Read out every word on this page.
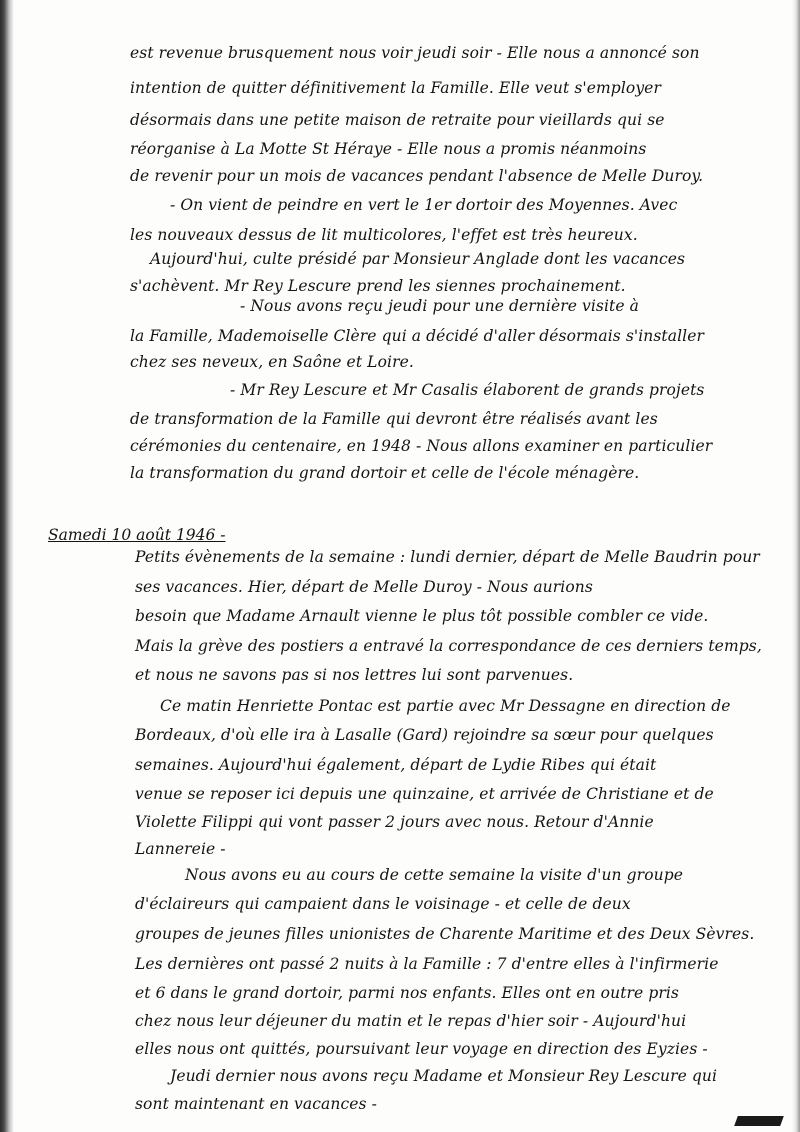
est revenue brusquement nous voir jeudi soir - Elle nous a annoncé son
intention de quitter définitivement la Famille. Elle veut s'employer
désormais dans une petite maison de retraite pour vieillards qui se
réorganise à La Motte St Héraye - Elle nous a promis néanmoins
de revenir pour un mois de vacances pendant l'absence de Melle Duroy.
- On vient de peindre en vert le 1er dortoir des Moyennes. Avec
les nouveaux dessus de lit multicolores, l'effet est très heureux.
Aujourd'hui, culte présidé par Monsieur Anglade dont les vacances
s'achèvent. Mr Rey Lescure prend les siennes prochainement.
- Nous avons reçu jeudi pour une dernière visite à
la Famille, Mademoiselle Clère qui a décidé d'aller désormais s'installer
chez ses neveux, en Saône et Loire.
- Mr Rey Lescure et Mr Casalis élaborent de grands projets
de transformation de la Famille qui devront être réalisés avant les
cérémonies du centenaire, en 1948 - Nous allons examiner en particulier
la transformation du grand dortoir et celle de l'école ménagère.
Samedi 10 août 1946 -
Petits évènements de la semaine : lundi dernier, départ de Melle Baudrin pour
ses vacances. Hier, départ de Melle Duroy - Nous aurions
besoin que Madame Arnault vienne le plus tôt possible combler ce vide.
Mais la grève des postiers a entravé la correspondance de ces derniers temps,
et nous ne savons pas si nos lettres lui sont parvenues.
Ce matin Henriette Pontac est partie avec Mr Dessagne en direction de
Bordeaux, d'où elle ira à Lasalle (Gard) rejoindre sa sœur pour quelques
semaines. Aujourd'hui également, départ de Lydie Ribes qui était
venue se reposer ici depuis une quinzaine, et arrivée de Christiane et de
Violette Filippi qui vont passer 2 jours avec nous. Retour d'Annie
Lannereie -
Nous avons eu au cours de cette semaine la visite d'un groupe
d'éclaireurs qui campaient dans le voisinage - et celle de deux
groupes de jeunes filles unionistes de Charente Maritime et des Deux Sèvres.
Les dernières ont passé 2 nuits à la Famille : 7 d'entre elles à l'infirmerie
et 6 dans le grand dortoir, parmi nos enfants. Elles ont en outre pris
chez nous leur déjeuner du matin et le repas d'hier soir - Aujourd'hui
elles nous ont quittés, poursuivant leur voyage en direction des Eyzies -
Jeudi dernier nous avons reçu Madame et Monsieur Rey Lescure qui
sont maintenant en vacances -
